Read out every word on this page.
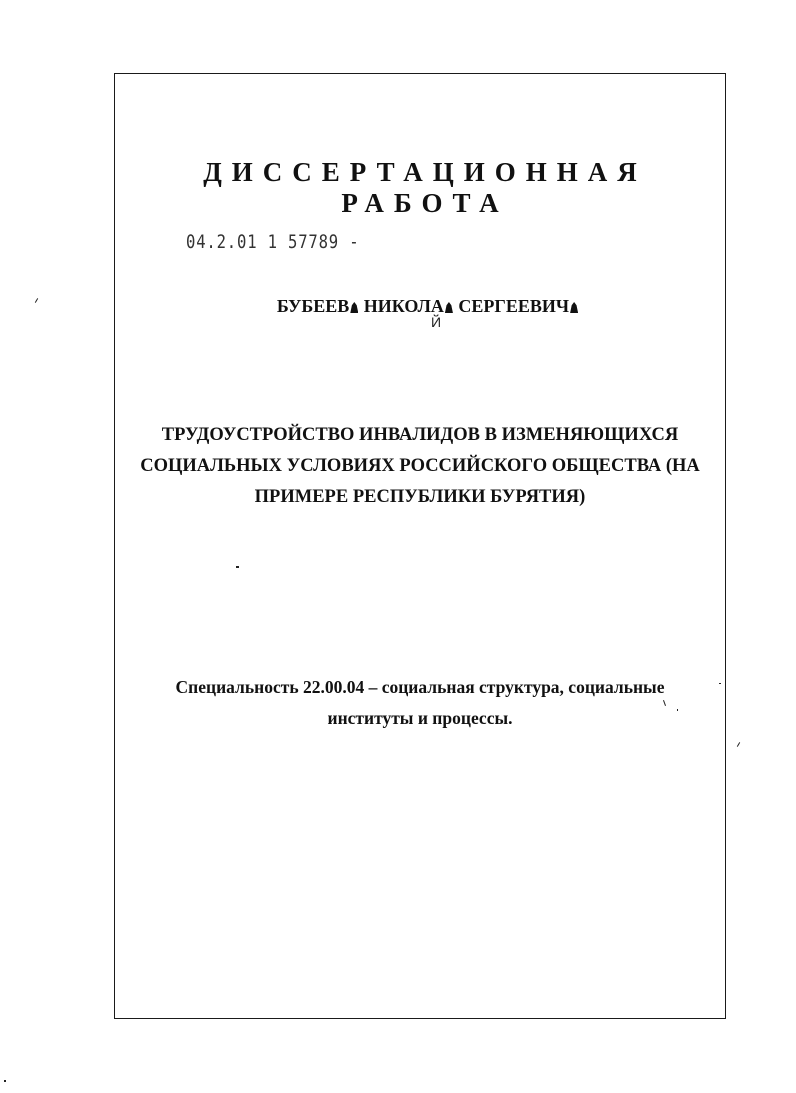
ДИССЕРТАЦИОННАЯ РАБОТА
04.2.01 1 57789 -
БУБЕЕВ НИКОЛА СЕРГЕЕВИЧ
Й
ТРУДОУСТРОЙСТВО ИНВАЛИДОВ В ИЗМЕНЯЮЩИХСЯ
СОЦИАЛЬНЫХ УСЛОВИЯХ РОССИЙСКОГО ОБЩЕСТВА (НА
ПРИМЕРЕ РЕСПУБЛИКИ БУРЯТИЯ)
Специальность 22.00.04 – социальная структура, социальные
институты и процессы.
